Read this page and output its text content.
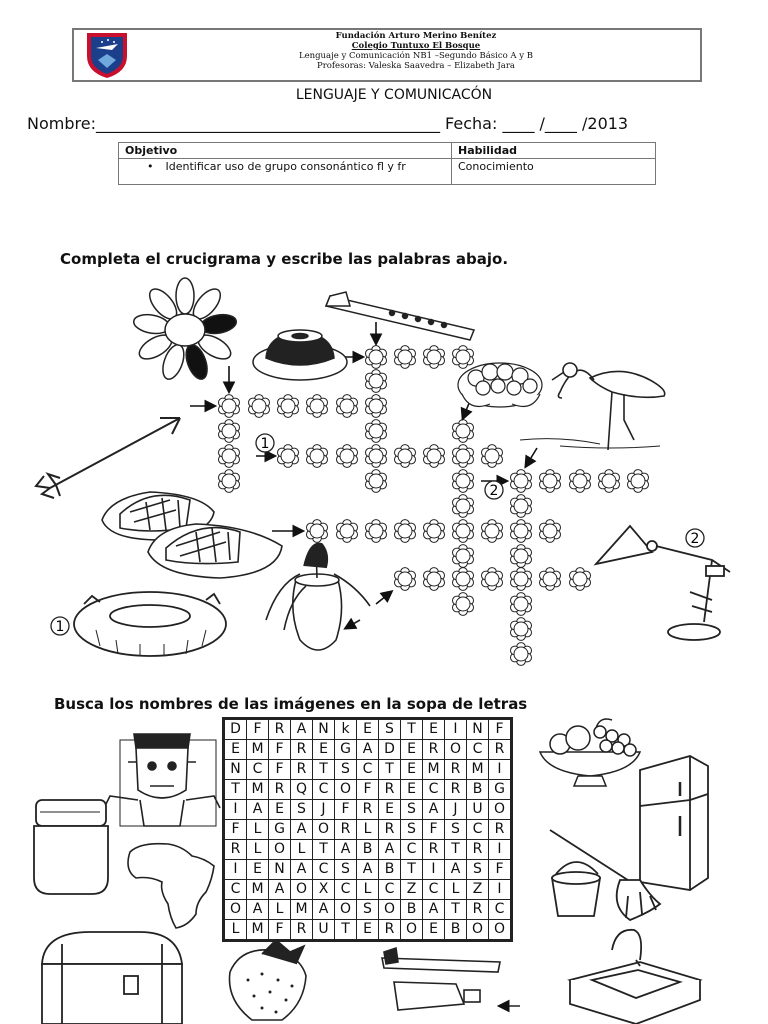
Fundación Arturo Merino Benítez
Colegio Tuntuxo El Bosque
Lenguaje y Comunicación NB1 –Segundo Básico A y B
Profesoras: Valeska Saavedra – Elizabeth Jara
LENGUAJE Y COMUNICACÓN
Nombre:___________________________________________ Fecha: ____ /____ /2013
Objetivo	Habilidad

• Identificar uso de grupo consonántico fl y fr	Conocimiento
Completa el crucigrama y escribe las palabras abajo.
1
2
2
1
Busca los nombres de las imágenes en la sopa de letras
D	F	R	A	N	k	E	S	T	E	I	N	F
E	M	F	R	E	G	A	D	E	R	O	C	R
N	C	F	R	T	S	C	T	E	M	R	M	I
T	M	R	Q	C	O	F	R	E	C	R	B	G
I	A	E	S	J	F	R	E	S	A	J	U	O
F	L	G	A	O	R	L	R	S	F	S	C	R
R	L	O	L	T	A	B	A	C	R	T	R	I
I	E	N	A	C	S	A	B	T	I	A	S	F
C	M	A	O	X	C	L	C	Z	C	L	Z	I
O	A	L	M	A	O	S	O	B	A	T	R	C
L	M	F	R	U	T	E	R	O	E	B	O	O
